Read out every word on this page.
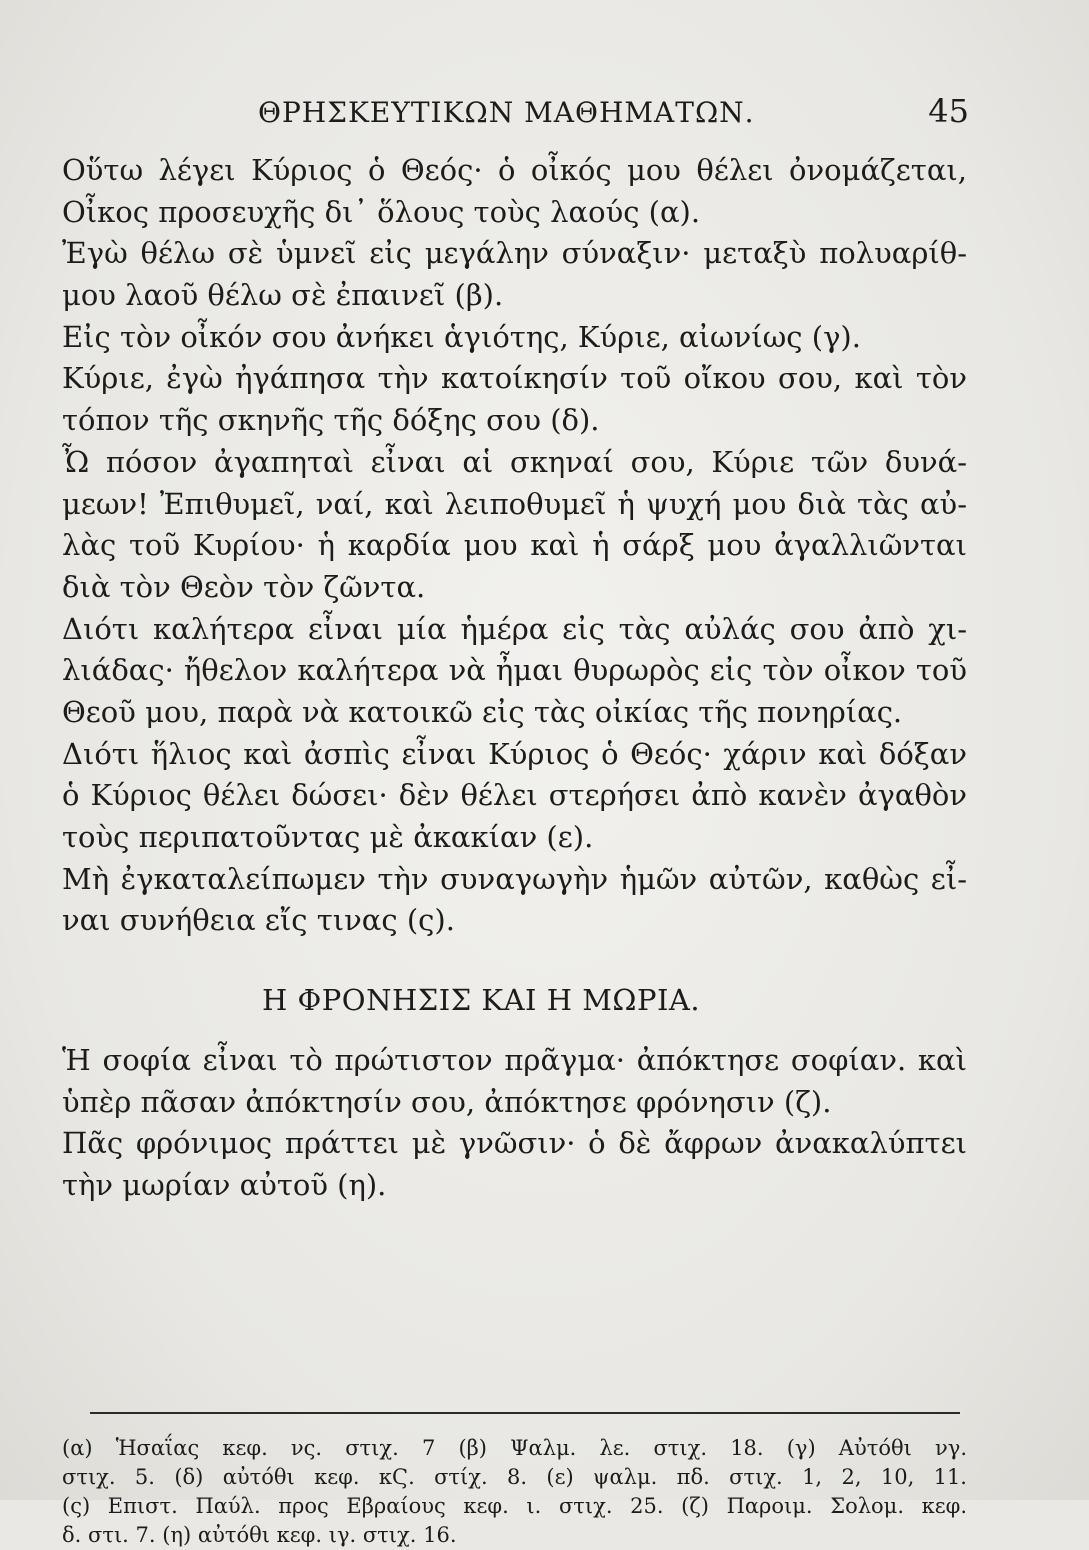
ΘΡΗΣΚΕΥΤΙΚΩΝ ΜΑΘΗΜΑΤΩΝ.	45
Οὕτω λέγει Κύριος ὁ Θεός· ὁ οἶκός μου θέλει ὀνομάζεται,
Οἶκος προσευχῆς δι᾿ ὅλους τοὺς λαούς (α).
Ἐγὼ θέλω σὲ ὑμνεῖ εἰς μεγάλην σύναξιν· μεταξὺ πολυαρίθ-
μου λαοῦ θέλω σὲ ἐπαινεῖ (β).
Εἰς τὸν οἶκόν σου ἀνήκει ἁγιότης, Κύριε, αἰωνίως (γ).
Κύριε, ἐγὼ ἠγάπησα τὴν κατοίκησίν τοῦ οἴκου σου, καὶ τὸν
τόπον τῆς σκηνῆς τῆς δόξης σου (δ).
Ὦ πόσον ἀγαπηταὶ εἶναι αἱ σκηναί σου, Κύριε τῶν δυνά-
μεων! Ἐπιθυμεῖ, ναί, καὶ λειποθυμεῖ ἡ ψυχή μου διὰ τὰς αὐ-
λὰς τοῦ Κυρίου· ἡ καρδία μου καὶ ἡ σάρξ μου ἀγαλλιῶνται
διὰ τὸν Θεὸν τὸν ζῶντα.
Διότι καλήτερα εἶναι μία ἡμέρα εἰς τὰς αὐλάς σου ἀπὸ χι-
λιάδας· ἤθελον καλήτερα νὰ ἦμαι θυρωρὸς εἰς τὸν οἶκον τοῦ
Θεοῦ μου, παρὰ νὰ κατοικῶ εἰς τὰς οἰκίας τῆς πονηρίας.
Διότι ἥλιος καὶ ἀσπὶς εἶναι Κύριος ὁ Θεός· χάριν καὶ δόξαν
ὁ Κύριος θέλει δώσει· δὲν θέλει στερήσει ἀπὸ κανὲν ἀγαθὸν
τοὺς περιπατοῦντας μὲ ἀκακίαν (ε).
Μὴ ἐγκαταλείπωμεν τὴν συναγωγὴν ἡμῶν αὐτῶν, καθὼς εἶ-
ναι συνήθεια εἴς τινας (ς).
Η ΦΡΟΝΗΣΙΣ ΚΑΙ Η ΜΩΡΙΑ.
Ἡ σοφία εἶναι τὸ πρώτιστον πρᾶγμα· ἀπόκτησε σοφίαν. καὶ
ὑπὲρ πᾶσαν ἀπόκτησίν σου, ἀπόκτησε φρόνησιν (ζ).
Πᾶς φρόνιμος πράττει μὲ γνῶσιν· ὁ δὲ ἄφρων ἀνακαλύπτει
τὴν μωρίαν αὐτοῦ (η).
(α) Ἡσαΐας κεφ. νς. στιχ. 7 (β) Ψαλμ. λε. στιχ. 18. (γ) Αὐτόθι νγ.
στιχ. 5. (δ) αὐτόθι κεφ. κϚ. στίχ. 8. (ε) ψαλμ. πδ. στιχ. 1, 2, 10, 11.
(ς) Επιστ. Παύλ. προς Εβραίους κεφ. ι. στιχ. 25. (ζ) Παροιμ. Σολομ. κεφ.
δ. στι. 7. (η) αὐτόθι κεφ. ιγ. στιχ. 16.
